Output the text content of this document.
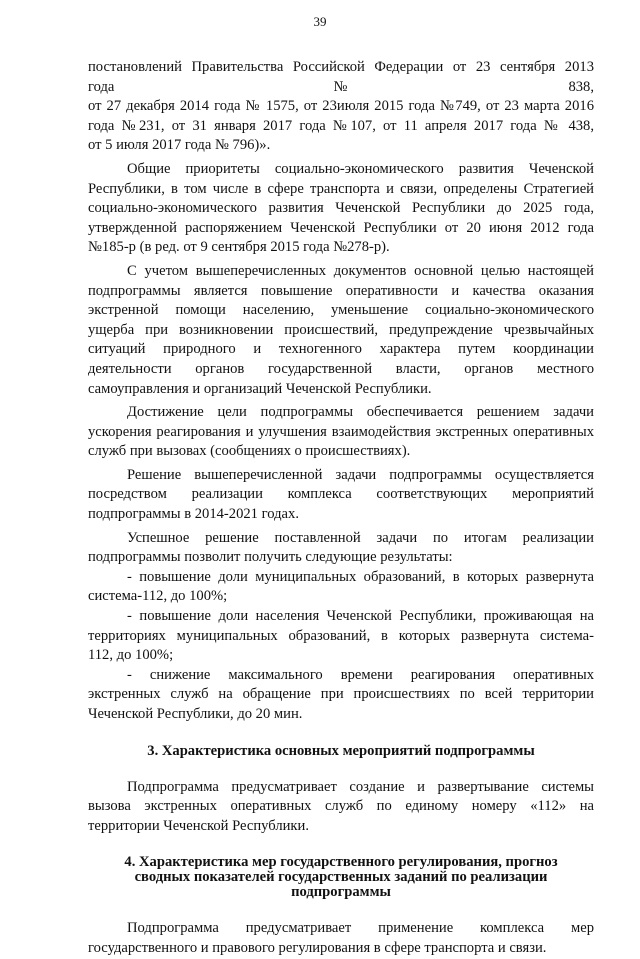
39

постановлений Правительства Российской Федерации от 23 сентября 2013
года                                       №                                       838,
от 27 декабря 2014 года № 1575, от 23июля 2015 года №749, от 23 марта 2016
года №231, от 31 января 2017 года №107, от 11 апреля 2017 года № 438,
от 5 июля 2017 года № 796)».

Общие приоритеты социально-экономического развития Чеченской
Республики, в том числе в сфере транспорта и связи, определены Стратегией
социально-экономического развития Чеченской Республики до 2025 года,
утвержденной распоряжением Чеченской Республики от 20 июня 2012 года
№185-р (в ред. от 9 сентября 2015 года №278-р).

С учетом вышеперечисленных документов основной целью настоящей
подпрограммы является повышение оперативности и качества оказания
экстренной помощи населению, уменьшение социально-экономического
ущерба при возникновении происшествий, предупреждение чрезвычайных
ситуаций природного и техногенного характера путем координации
деятельности органов государственной власти, органов местного
самоуправления и организаций Чеченской Республики.

Достижение цели подпрограммы обеспечивается решением задачи
ускорения реагирования и улучшения взаимодействия экстренных оперативных
служб при вызовах (сообщениях о происшествиях).

Решение вышеперечисленной задачи подпрограммы осуществляется
посредством реализации комплекса соответствующих мероприятий
подпрограммы в 2014-2021 годах.

Успешное решение поставленной задачи по итогам реализации
подпрограммы позволит получить следующие результаты:

- повышение доли муниципальных образований, в которых развернута
система-112, до 100%;

- повышение доли населения Чеченской Республики, проживающая на
территориях муниципальных образований, в которых развернута система-
112, до 100%;

- снижение максимального времени реагирования оперативных
экстренных служб на обращение при происшествиях по всей территории
Чеченской Республики, до 20 мин.

3. Характеристика основных мероприятий подпрограммы

Подпрограмма предусматривает создание и развертывание системы
вызова экстренных оперативных служб по единому номеру «112» на
территории Чеченской Республики.

4. Характеристика мер государственного регулирования, прогноз
сводных показателей государственных заданий по реализации
подпрограммы

Подпрограмма предусматривает применение комплекса мер
государственного и правового регулирования в сфере транспорта и связи.
